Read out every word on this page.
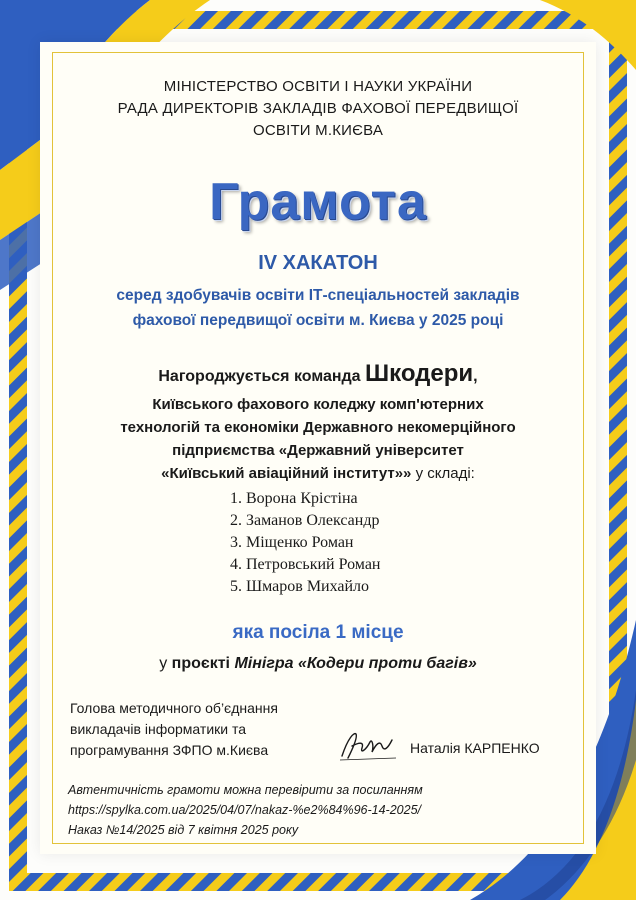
МІНІСТЕРСТВО ОСВІТИ І НАУКИ УКРАЇНИ
РАДА ДИРЕКТОРІВ ЗАКЛАДІВ ФАХОВОЇ ПЕРЕДВИЩОЇ
ОСВІТИ М.КИЄВА
Грамота
IV ХАКАТОН
серед здобувачів освіти ІТ-спеціальностей закладів
фахової передвищої освіти м. Києва у 2025 році
Нагороджується команда Шкодери,
Київського фахового коледжу комп'ютерних
технологій та економіки Державного некомерційного
підприємства «Державний університет
«Київський авіаційний інститут»» у складі:
1. Ворона Крістіна
2. Заманов Олександр
3. Міщенко Роман
4. Петровський Роман
5. Шмаров Михайло
яка посіла 1 місце
у проєкті Мінігра «Кодери проти багів»
Голова методичного об’єднання
викладачів інформатики та
програмування ЗФПО м.Києва	Наталія КАРПЕНКО
Автентичність грамоти можна перевірити за посиланням
https://spylka.com.ua/2025/04/07/nakaz-%e2%84%96-14-2025/
Наказ №14/2025 від 7 квітня 2025 року
